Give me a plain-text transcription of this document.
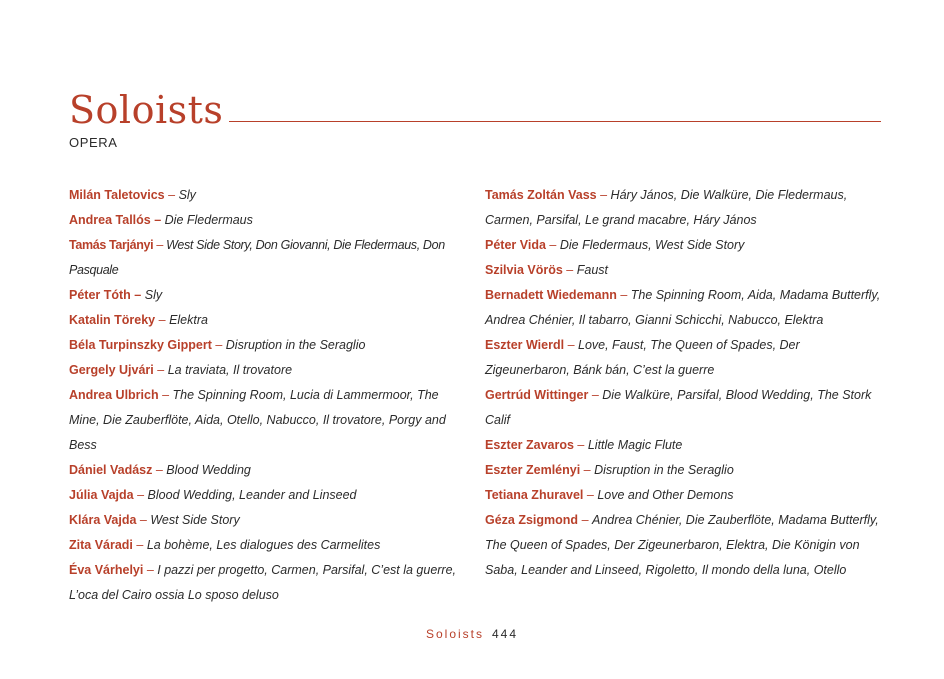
Soloists
OPERA

Milán Taletovics – Sly

Andrea Tallós – Die Fledermaus

Tamás Tarjányi – West Side Story, Don Giovanni, Die Fledermaus, Don Pasquale

Péter Tóth – Sly

Katalin Töreky – Elektra

Béla Turpinszky Gippert – Disruption in the Seraglio

Gergely Ujvári – La traviata, Il trovatore

Andrea Ulbrich – The Spinning Room, Lucia di Lammermoor, The Mine, Die Zauberflöte, Aida, Otello, Nabucco, Il trovatore, Porgy and Bess

Dániel Vadász – Blood Wedding

Júlia Vajda – Blood Wedding, Leander and Linseed

Klára Vajda – West Side Story

Zita Váradi – La bohème, Les dialogues des Carmelites

Éva Várhelyi – I pazzi per progetto, Carmen, Parsifal, C’est la guerre, L’oca del Cairo ossia Lo sposo deluso

Tamás Zoltán Vass – Háry János, Die Walküre, Die Fledermaus, Carmen, Parsifal, Le grand macabre, Háry János

Péter Vida – Die Fledermaus, West Side Story

Szilvia Vörös – Faust

Bernadett Wiedemann – The Spinning Room, Aida, Madama Butterfly, Andrea Chénier, Il tabarro, Gianni Schicchi, Nabucco, Elektra

Eszter Wierdl – Love, Faust, The Queen of Spades, Der Zigeunerbaron, Bánk bán, C’est la guerre

Gertrúd Wittinger – Die Walküre, Parsifal, Blood Wedding, The Stork Calif

Eszter Zavaros – Little Magic Flute

Eszter Zemlényi – Disruption in the Seraglio

Tetiana Zhuravel – Love and Other Demons

Géza Zsigmond – Andrea Chénier, Die Zauberflöte, Madama Butterfly, The Queen of Spades, Der Zigeunerbaron, Elektra, Die Königin von Saba, Leander and Linseed, Rigoletto, Il mondo della luna, Otello

Soloists 444
